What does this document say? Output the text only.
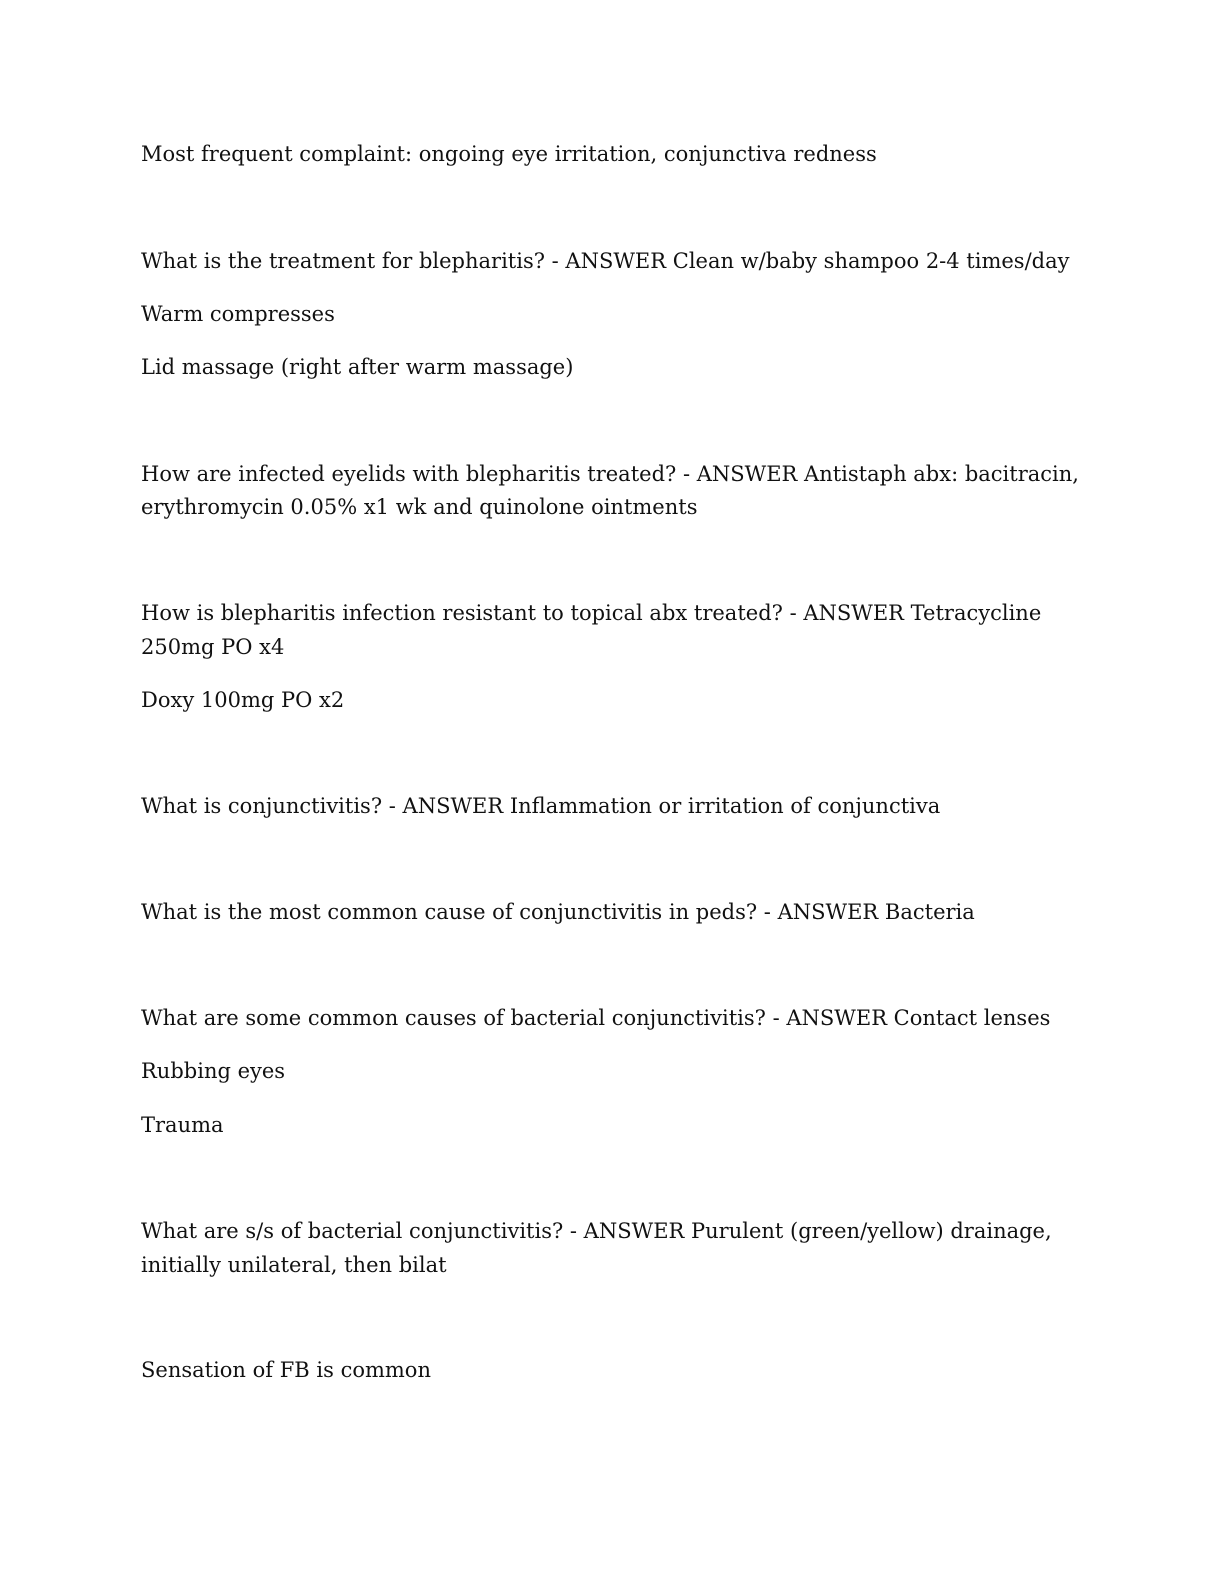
Most frequent complaint: ongoing eye irritation, conjunctiva redness

What is the treatment for blepharitis? - ANSWER Clean w/baby shampoo 2-4 times/day

Warm compresses

Lid massage (right after warm massage)

How are infected eyelids with blepharitis treated? - ANSWER Antistaph abx: bacitracin,

erythromycin 0.05% x1 wk and quinolone ointments

How is blepharitis infection resistant to topical abx treated? - ANSWER Tetracycline

250mg PO x4

Doxy 100mg PO x2

What is conjunctivitis? - ANSWER Inflammation or irritation of conjunctiva

What is the most common cause of conjunctivitis in peds? - ANSWER Bacteria

What are some common causes of bacterial conjunctivitis? - ANSWER Contact lenses

Rubbing eyes

Trauma

What are s/s of bacterial conjunctivitis? - ANSWER Purulent (green/yellow) drainage,

initially unilateral, then bilat

Sensation of FB is common
